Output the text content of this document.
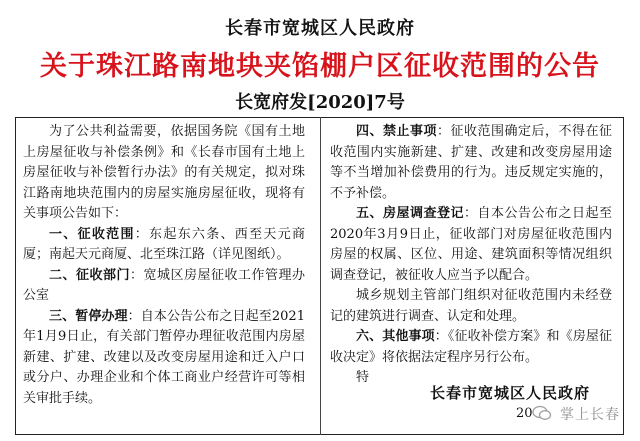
长春市宽城区人民政府
关于珠江路南地块夹馅棚户区征收范围的公告
长宽府发[2020]7号

为了公共利益需要，依据国务院《国有土地上房屋征收与补偿条例》和《长春市国有土地上房屋征收与补偿暂行办法》的有关规定，拟对珠江路南地块范围内的房屋实施房屋征收，现将有关事项公告如下：

一、征收范围：东起东六条、西至天元商厦；南起天元商厦、北至珠江路（详见图纸）。

二、征收部门：宽城区房屋征收工作管理办公室

三、暂停办理：自本公告公布之日起至2021年1月9日止，有关部门暂停办理征收范围内房屋新建、扩建、改建以及改变房屋用途和迁入户口或分户、办理企业和个体工商业户经营许可等相关审批手续。

四、禁止事项：征收范围确定后，不得在征收范围内实施新建、扩建、改建和改变房屋用途等不当增加补偿费用的行为。违反规定实施的，不予补偿。

五、房屋调查登记：自本公告公布之日起至2020年3月9日止，征收部门对房屋征收范围内房屋的权属、区位、用途、建筑面积等情况组织调查登记，被征收人应当予以配合。

城乡规划主管部门组织对征收范围内未经登记的建筑进行调查、认定和处理。

六、其他事项：《征收补偿方案》和《房屋征收决定》将依据法定程序另行公布。

特

长春市宽城区人民政府
20 掌上长春
